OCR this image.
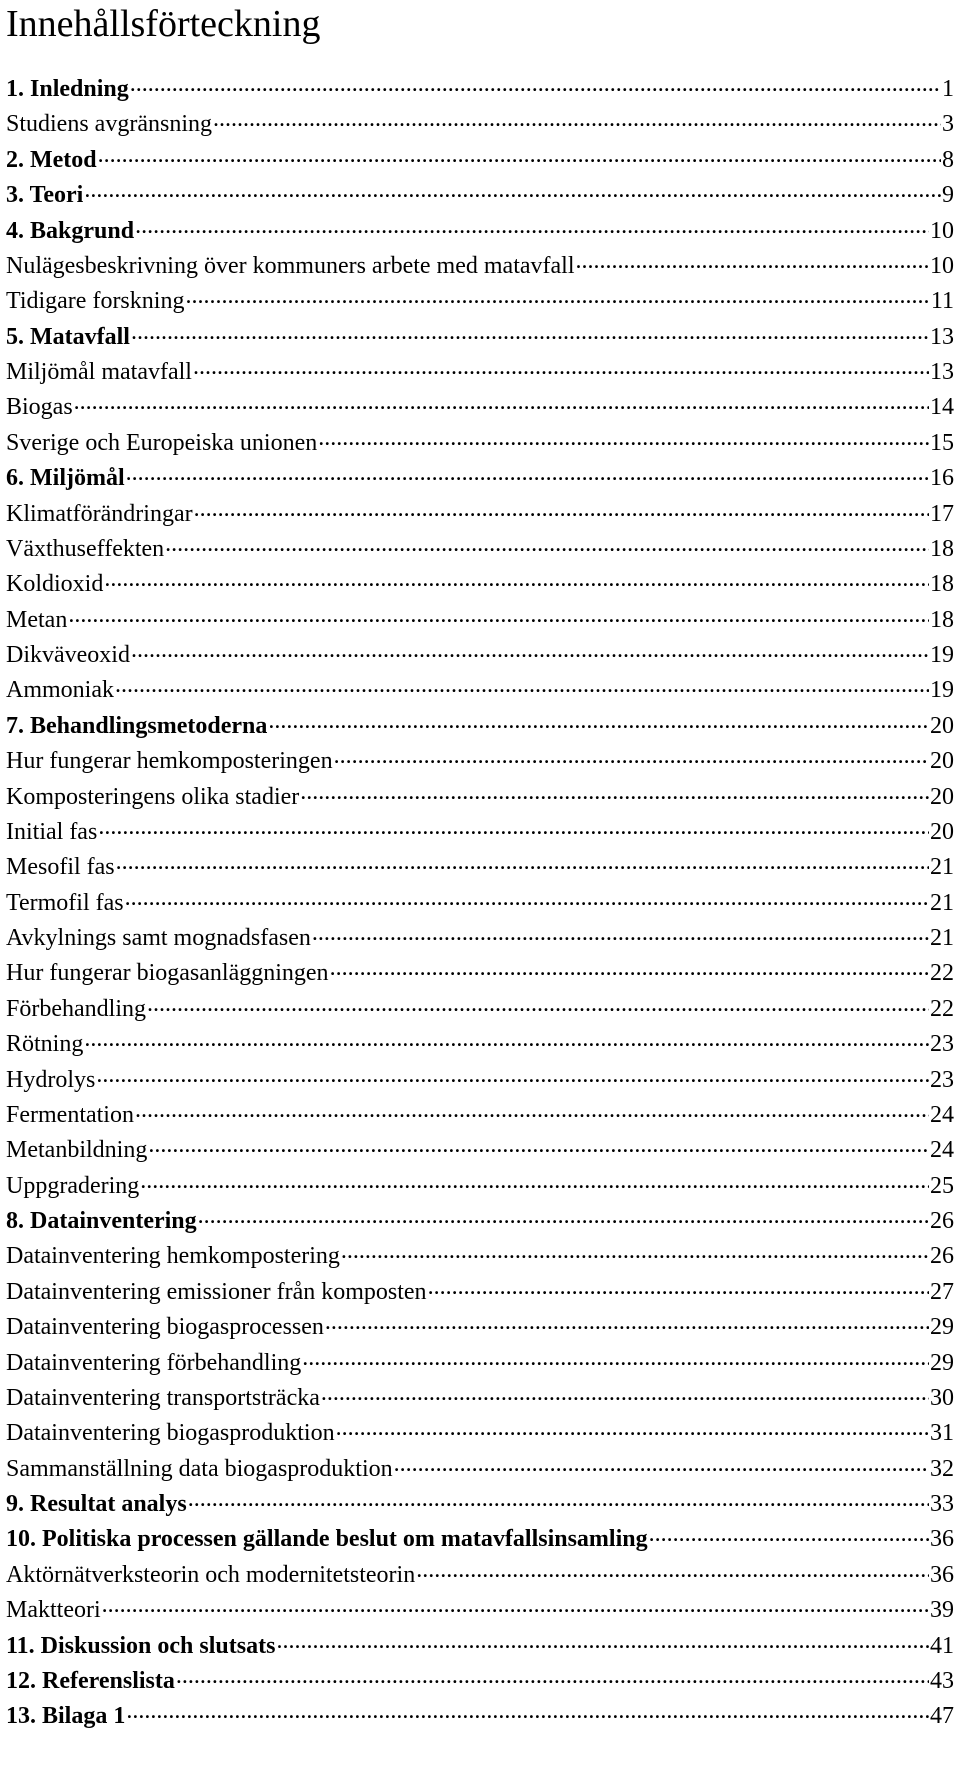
Innehållsförteckning
1. Inledning .....	1
Studiens avgränsning .....	3
2. Metod .....	8
3. Teori .....	9
4. Bakgrund .....	10
Nulägesbeskrivning över kommuners arbete med matavfall .....	10
Tidigare forskning .....	11
5. Matavfall .....	13
Miljömål matavfall .....	13
Biogas .....	14
Sverige och Europeiska unionen .....	15
6. Miljömål .....	16
Klimatförändringar .....	17
Växthuseffekten .....	18
Koldioxid .....	18
Metan .....	18
Dikväveoxid .....	19
Ammoniak .....	19
7. Behandlingsmetoderna .....	20
Hur fungerar hemkomposteringen .....	20
Komposteringens olika stadier .....	20
Initial fas .....	20
Mesofil fas .....	21
Termofil fas .....	21
Avkylnings samt mognadsfasen .....	21
Hur fungerar biogasanläggningen .....	22
Förbehandling .....	22
Rötning .....	23
Hydrolys .....	23
Fermentation .....	24
Metanbildning .....	24
Uppgradering .....	25
8. Datainventering .....	26
Datainventering hemkompostering .....	26
Datainventering emissioner från komposten .....	27
Datainventering biogasprocessen .....	29
Datainventering förbehandling .....	29
Datainventering transportsträcka .....	30
Datainventering biogasproduktion .....	31
Sammanställning data biogasproduktion .....	32
9. Resultat analys .....	33
10. Politiska processen gällande beslut om matavfallsinsamling .....	36
Aktörnätverksteorin och modernitetsteorin .....	36
Maktteori .....	39
11. Diskussion och slutsats .....	41
12. Referenslista .....	43
13. Bilaga 1 .....	47
